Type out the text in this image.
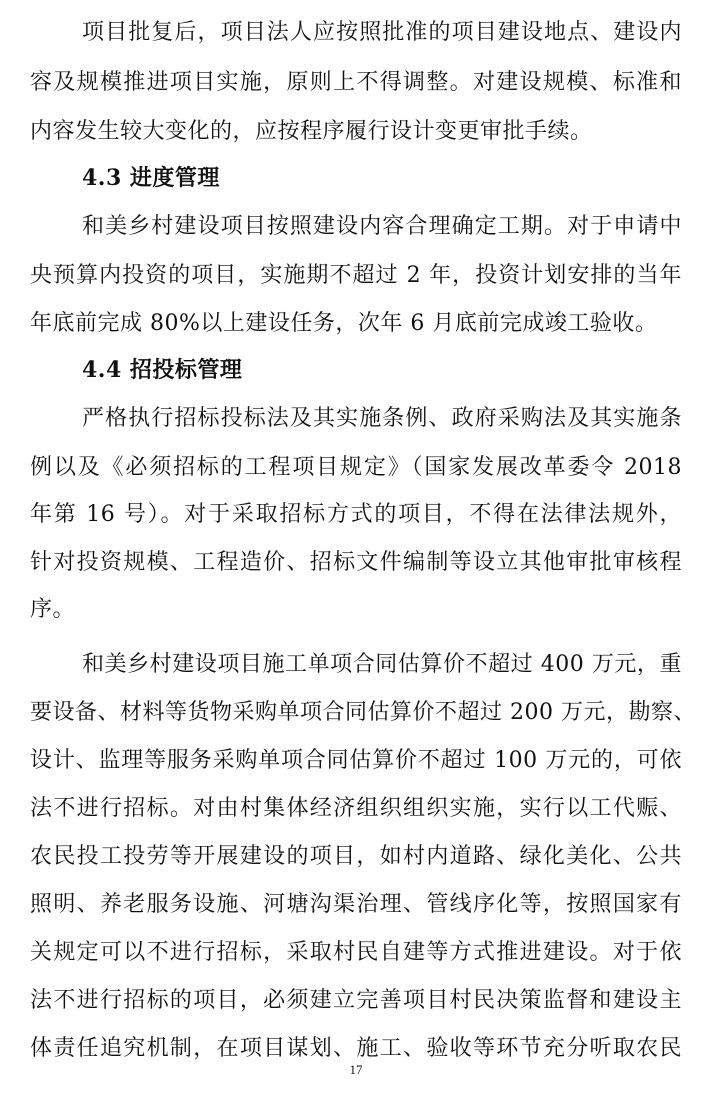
项目批复后，项目法人应按照批准的项目建设地点、建设内
容及规模推进项目实施，原则上不得调整。对建设规模、标准和
内容发生较大变化的，应按程序履行设计变更审批手续。
4.3 进度管理
和美乡村建设项目按照建设内容合理确定工期。对于申请中
央预算内投资的项目，实施期不超过 2 年，投资计划安排的当年
年底前完成 80%以上建设任务，次年 6 月底前完成竣工验收。
4.4 招投标管理
严格执行招标投标法及其实施条例、政府采购法及其实施条
例以及《必须招标的工程项目规定》（国家发展改革委令 2018
年第 16 号）。对于采取招标方式的项目，不得在法律法规外，
针对投资规模、工程造价、招标文件编制等设立其他审批审核程
序。
和美乡村建设项目施工单项合同估算价不超过 400 万元，重
要设备、材料等货物采购单项合同估算价不超过 200 万元，勘察、
设计、监理等服务采购单项合同估算价不超过 100 万元的，可依
法不进行招标。对由村集体经济组织组织实施，实行以工代赈、
农民投工投劳等开展建设的项目，如村内道路、绿化美化、公共
照明、养老服务设施、河塘沟渠治理、管线序化等，按照国家有
关规定可以不进行招标，采取村民自建等方式推进建设。对于依
法不进行招标的项目，必须建立完善项目村民决策监督和建设主
体责任追究机制，在项目谋划、施工、验收等环节充分听取农民
17
